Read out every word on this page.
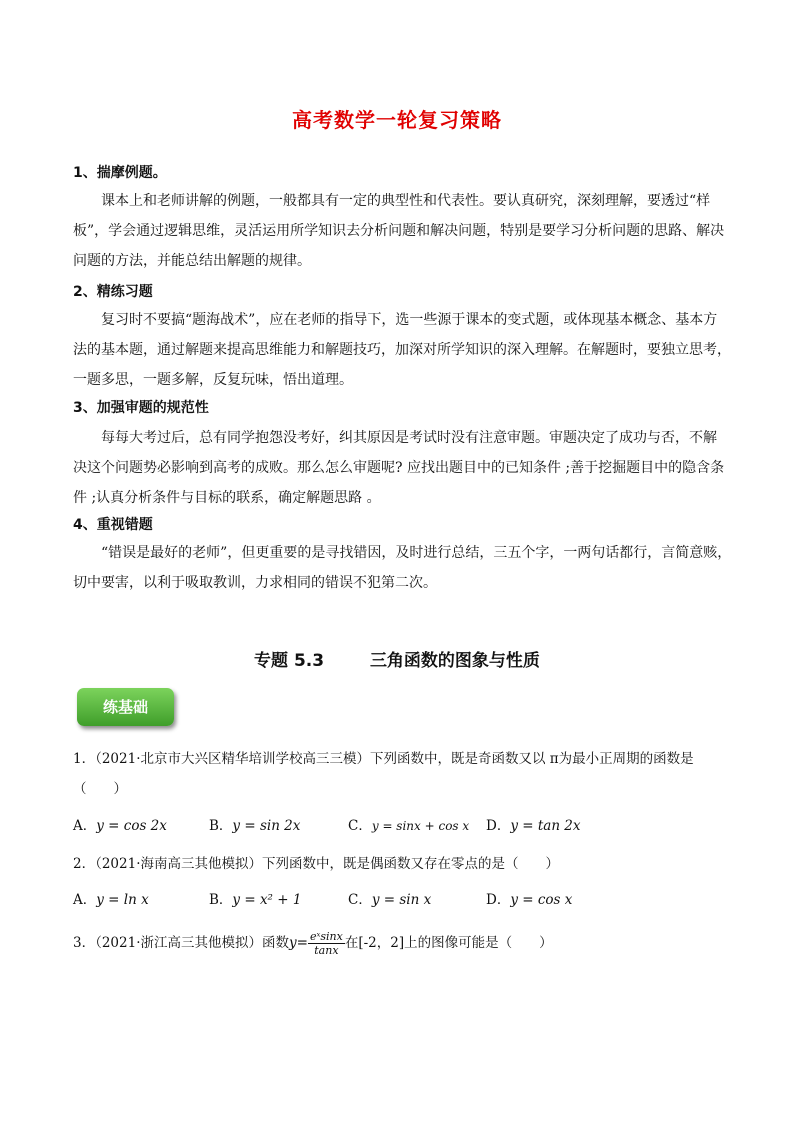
高考数学一轮复习策略
1、揣摩例题。
课本上和老师讲解的例题，一般都具有一定的典型性和代表性。要认真研究，深刻理解，要透过“样
板”，学会通过逻辑思维，灵活运用所学知识去分析问题和解决问题，特别是要学习分析问题的思路、解决
问题的方法，并能总结出解题的规律。
2、精练习题
复习时不要搞“题海战术”，应在老师的指导下，选一些源于课本的变式题，或体现基本概念、基本方
法的基本题，通过解题来提高思维能力和解题技巧，加深对所学知识的深入理解。在解题时，要独立思考，
一题多思，一题多解，反复玩味，悟出道理。
3、加强审题的规范性
每每大考过后，总有同学抱怨没考好，纠其原因是考试时没有注意审题。审题决定了成功与否，不解
决这个问题势必影响到高考的成败。那么怎么审题呢? 应找出题目中的已知条件 ;善于挖掘题目中的隐含条
件 ;认真分析条件与目标的联系，确定解题思路 。
4、重视错题
“错误是最好的老师”，但更重要的是寻找错因，及时进行总结，三五个字，一两句话都行，言简意赅，
切中要害，以利于吸取教训，力求相同的错误不犯第二次。
专题 5.3	三角函数的图象与性质
练基础
1．（2021·北京市大兴区精华培训学校高三三模）下列函数中，既是奇函数又以 π为最小正周期的函数是
（　　）
A．y = cos 2x	B．y = sin 2x	C．y = sinx + cos x D．y = tan 2x
2．（2021·海南高三其他模拟）下列函数中，既是偶函数又存在零点的是（　　）
A．y = ln x	B．y = x² + 1	C．y = sin x	D．y = cos x
3．（2021·浙江高三其他模拟）函数$y= \frac{\text{eˣsinx}}{\tan x}$ 在[-2，2]上的图像可能是（　　）
